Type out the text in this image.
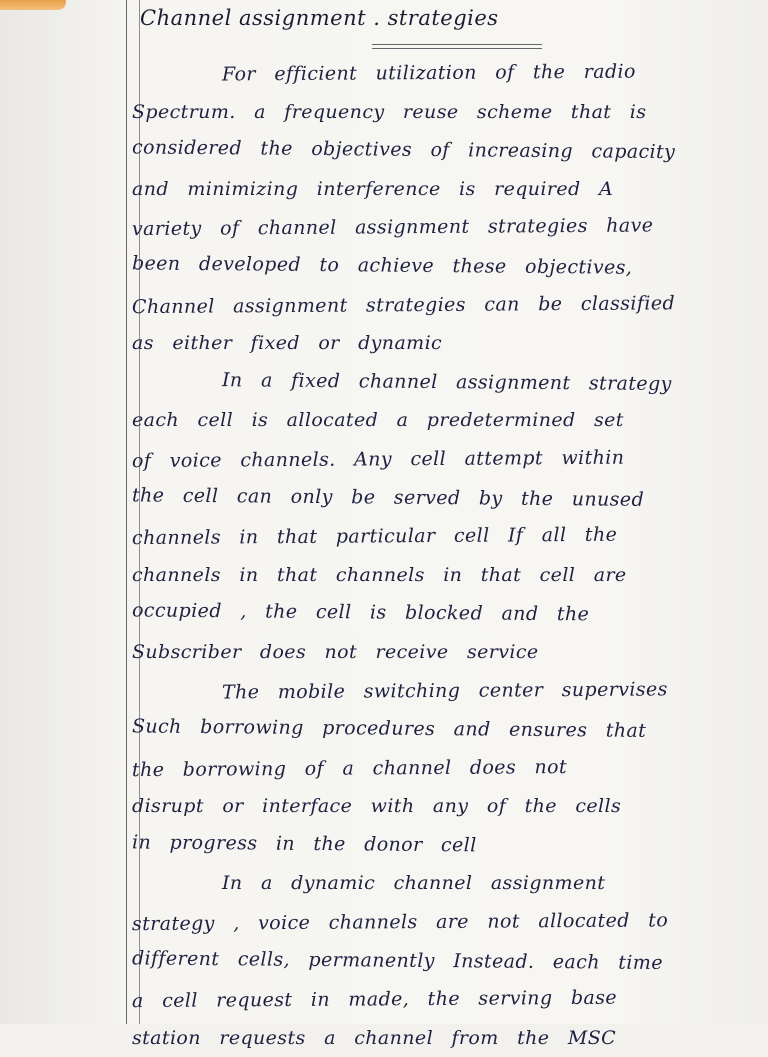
Channel assignment . strategies
For efficient utilization of the radio
Spectrum. a frequency reuse scheme that is
considered the objectives of increasing capacity
and minimizing interference is required A
variety of channel assignment strategies have
been developed to achieve these objectives,
Channel assignment strategies can be classified
as either fixed or dynamic
In a fixed channel assignment strategy
each cell is allocated a predetermined set
of voice channels. Any cell attempt within
the cell can only be served by the unused
channels in that particular cell If all the
channels in that channels in that cell are
occupied , the cell is blocked and the
Subscriber does not receive service
The mobile switching center supervises
Such borrowing procedures and ensures that
the borrowing of a channel does not
disrupt or interface with any of the cells
in progress in the donor cell
In a dynamic channel assignment
strategy , voice channels are not allocated to
different cells, permanently Instead. each time
a cell request in made, the serving base
station requests a channel from the MSC
